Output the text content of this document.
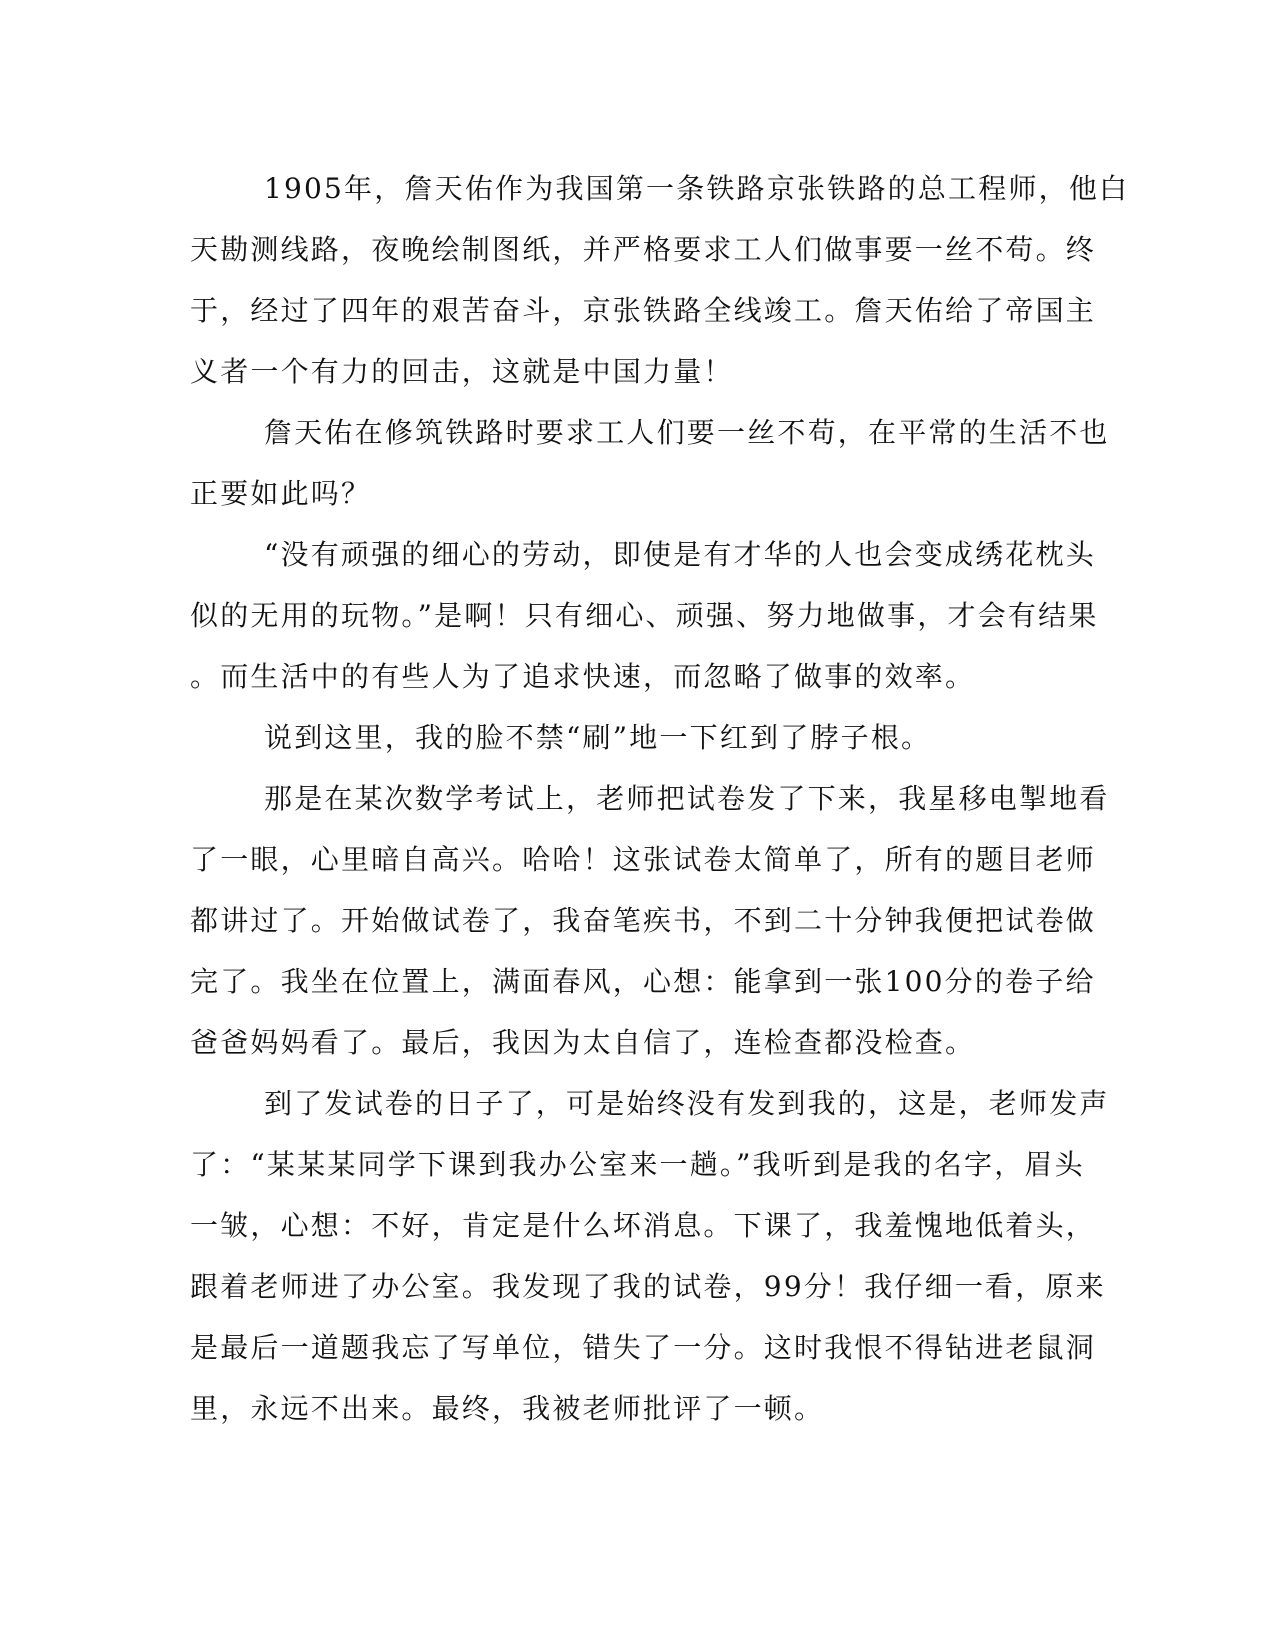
1905年，詹天佑作为我国第一条铁路京张铁路的总工程师，他白
天勘测线路，夜晚绘制图纸，并严格要求工人们做事要一丝不苟。终
于，经过了四年的艰苦奋斗，京张铁路全线竣工。詹天佑给了帝国主
义者一个有力的回击，这就是中国力量！
詹天佑在修筑铁路时要求工人们要一丝不苟，在平常的生活不也
正要如此吗？
“没有顽强的细心的劳动，即使是有才华的人也会变成绣花枕头
似的无用的玩物。”是啊！只有细心、顽强、努力地做事，才会有结果
。而生活中的有些人为了追求快速，而忽略了做事的效率。
说到这里，我的脸不禁“刷”地一下红到了脖子根。
那是在某次数学考试上，老师把试卷发了下来，我星移电掣地看
了一眼，心里暗自高兴。哈哈！这张试卷太简单了，所有的题目老师
都讲过了。开始做试卷了，我奋笔疾书，不到二十分钟我便把试卷做
完了。我坐在位置上，满面春风，心想：能拿到一张100分的卷子给
爸爸妈妈看了。最后，我因为太自信了，连检查都没检查。
到了发试卷的日子了，可是始终没有发到我的，这是，老师发声
了：“某某某同学下课到我办公室来一趟。”我听到是我的名字，眉头
一皱，心想：不好，肯定是什么坏消息。下课了，我羞愧地低着头，
跟着老师进了办公室。我发现了我的试卷，99分！我仔细一看，原来
是最后一道题我忘了写单位，错失了一分。这时我恨不得钻进老鼠洞
里，永远不出来。最终，我被老师批评了一顿。
